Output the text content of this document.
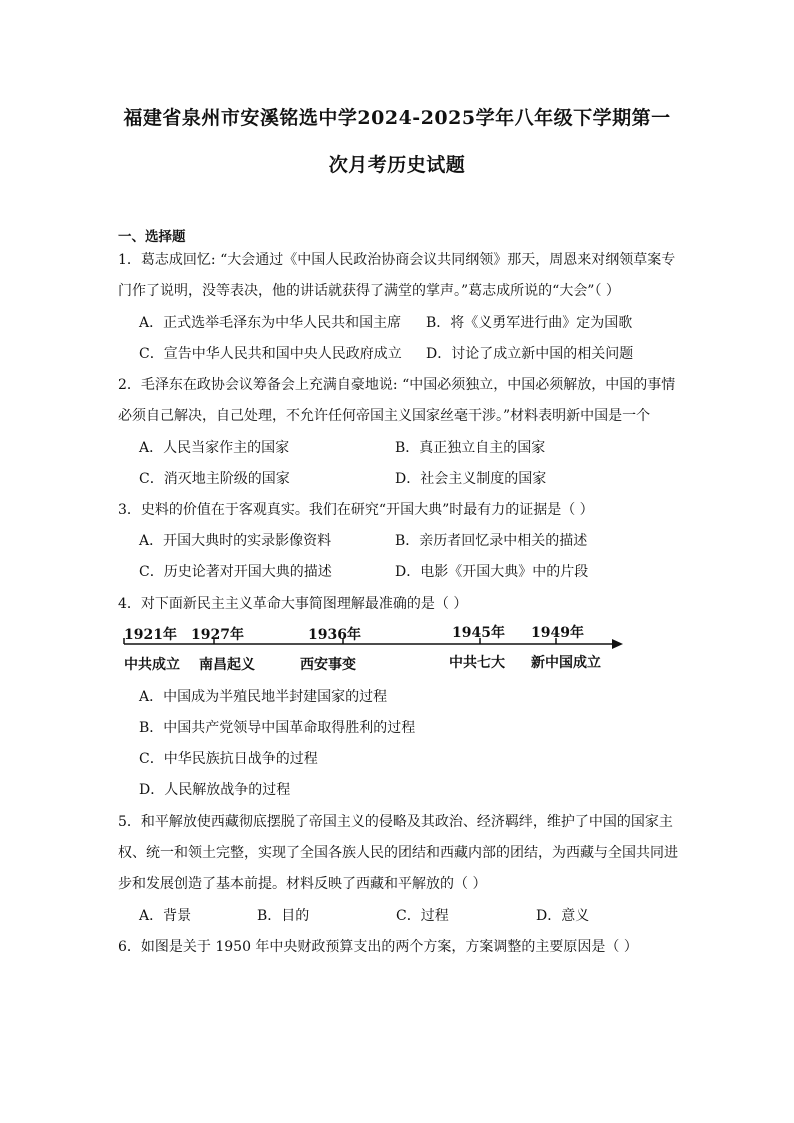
福建省泉州市安溪铭选中学2024-2025学年八年级下学期第一
次月考历史试题
一、选择题
1．葛志成回忆: “大会通过《中国人民政治协商会议共同纲领》那天，周恩来对纲领草案专
门作了说明，没等表决，他的讲话就获得了满堂的掌声。”葛志成所说的“大会”（ ）
A．正式选举毛泽东为中华人民共和国主席 B．将《义勇军进行曲》定为国歌
C．宣告中华人民共和国中央人民政府成立 D．讨论了成立新中国的相关问题
2．毛泽东在政协会议筹备会上充满自豪地说: “中国必须独立，中国必须解放，中国的事情
必须自己解决，自己处理，不允许任何帝国主义国家丝毫干涉。”材料表明新中国是一个
A．人民当家作主的国家	B．真正独立自主的国家
C．消灭地主阶级的国家	D．社会主义制度的国家
3．史料的价值在于客观真实。我们在研究“开国大典”时最有力的证据是（ ）
A．开国大典时的实录影像资料	B．亲历者回忆录中相关的描述
C．历史论著对开国大典的描述	D．电影《开国大典》中的片段
4．对下面新民主主义革命大事简图理解最准确的是（ ）
1921年 1927年	1936年	1945年 1949年
中共成立 南昌起义	西安事变	中共七大 新中国成立
A．中国成为半殖民地半封建国家的过程
B．中国共产党领导中国革命取得胜利的过程
C．中华民族抗日战争的过程
D．人民解放战争的过程
5．和平解放使西藏彻底摆脱了帝国主义的侵略及其政治、经济羁绊，维护了中国的国家主
权、统一和领土完整，实现了全国各族人民的团结和西藏内部的团结，为西藏与全国共同进
步和发展创造了基本前提。材料反映了西藏和平解放的（ ）
A．背景	B．目的	C．过程	D．意义
6．如图是关于 1950 年中央财政预算支出的两个方案，方案调整的主要原因是（ ）
